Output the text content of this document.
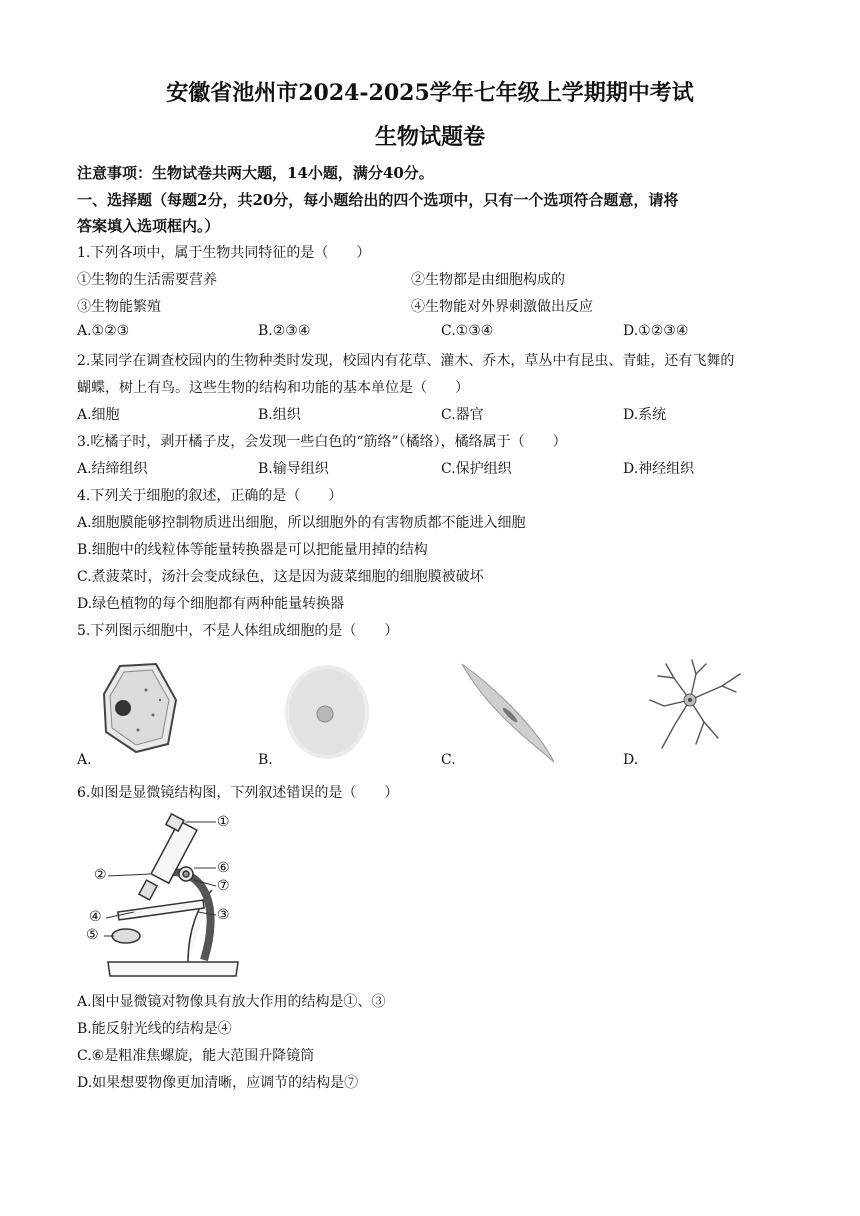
安徽省池州市2024-2025学年七年级上学期期中考试
生物试题卷
注意事项：生物试卷共两大题，14小题，满分40分。
一、选择题（每题2分，共20分，每小题给出的四个选项中，只有一个选项符合题意，请将
答案填入选项框内。）
1.下列各项中，属于生物共同特征的是（　　）
①生物的生活需要营养	②生物都是由细胞构成的
③生物能繁殖	④生物能对外界刺激做出反应
A.①②③	B.②③④	C.①③④	D.①②③④
2.某同学在调查校园内的生物种类时发现，校园内有花草、灌木、乔木，草丛中有昆虫、青蛙，还有飞舞的
蝴蝶，树上有鸟。这些生物的结构和功能的基本单位是（　　）
A.细胞	B.组织	C.器官	D.系统
3.吃橘子时，剥开橘子皮，会发现一些白色的“筋络”（橘络），橘络属于（　　）
A.结缔组织	B.输导组织	C.保护组织	D.神经组织
4.下列关于细胞的叙述，正确的是（　　）
A.细胞膜能够控制物质进出细胞，所以细胞外的有害物质都不能进入细胞
B.细胞中的线粒体等能量转换器是可以把能量用掉的结构
C.煮菠菜时，汤汁会变成绿色，这是因为菠菜细胞的细胞膜被破坏
D.绿色植物的每个细胞都有两种能量转换器
5.下列图示细胞中，不是人体组成细胞的是（　　）
A.	B.	C.	D.
6.如图是显微镜结构图，下列叙述错误的是（　　）
①
②
③
④
⑤
⑥
⑦
A.图中显微镜对物像具有放大作用的结构是①、③
B.能反射光线的结构是④
C.⑥是粗准焦螺旋，能大范围升降镜筒
D.如果想要物像更加清晰，应调节的结构是⑦
